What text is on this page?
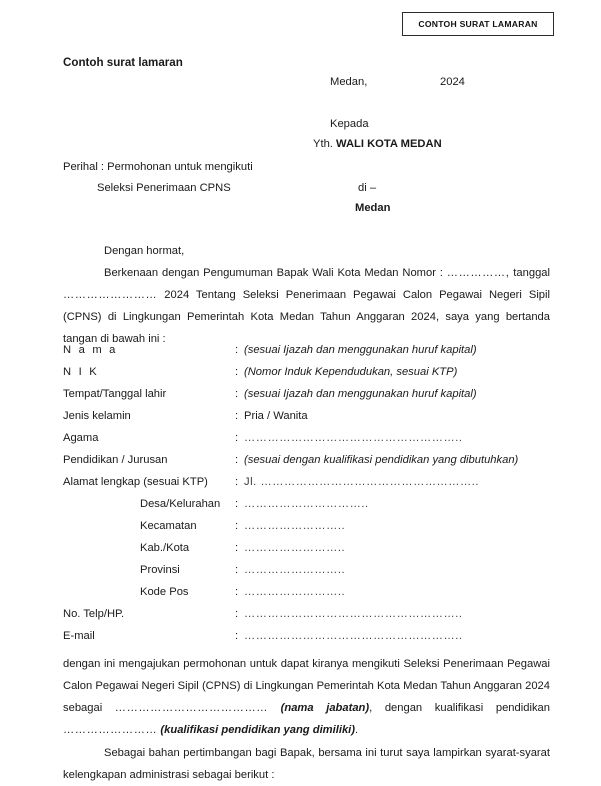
CONTOH SURAT LAMARAN
Contoh surat lamaran
Medan,	2024
Kepada
Yth. WALI KOTA MEDAN
Perihal : Permohonan untuk mengikuti
Seleksi Penerimaan CPNS	di –
Medan
Dengan hormat,
Berkenaan dengan Pengumuman Bapak Wali Kota Medan Nomor : ……………, tanggal …………………… 2024 Tentang Seleksi Penerimaan Pegawai Calon Pegawai Negeri Sipil (CPNS) di Lingkungan Pemerintah Kota Medan Tahun Anggaran 2024, saya yang bertanda tangan di bawah ini :
N a m a	: (sesuai Ijazah dan menggunakan huruf kapital)
N I K	: (Nomor Induk Kependudukan, sesuai KTP)
Tempat/Tanggal lahir	: (sesuai Ijazah dan menggunakan huruf kapital)
Jenis kelamin	: Pria / Wanita
Agama	: ………………………………………………..
Pendidikan / Jurusan	: (sesuai dengan kualifikasi pendidikan yang dibutuhkan)
Alamat lengkap (sesuai KTP)	: Jl. ………………………………………………..
Desa/Kelurahan	: …………………………..
Kecamatan	: ……………………..
Kab./Kota	: ……………………..
Provinsi	: ……………………..
Kode Pos	: ……………………..
No. Telp/HP.	: ………………………………………………..
E-mail	: ………………………………………………..
dengan ini mengajukan permohonan untuk dapat kiranya mengikuti Seleksi Penerimaan Pegawai Calon Pegawai Negeri Sipil (CPNS) di Lingkungan Pemerintah Kota Medan Tahun Anggaran 2024 sebagai ………………………………… (nama jabatan), dengan kualifikasi pendidikan …………………… (kualifikasi pendidikan yang dimiliki).
Sebagai bahan pertimbangan bagi Bapak, bersama ini turut saya lampirkan syarat-syarat kelengkapan administrasi sebagai berikut :
